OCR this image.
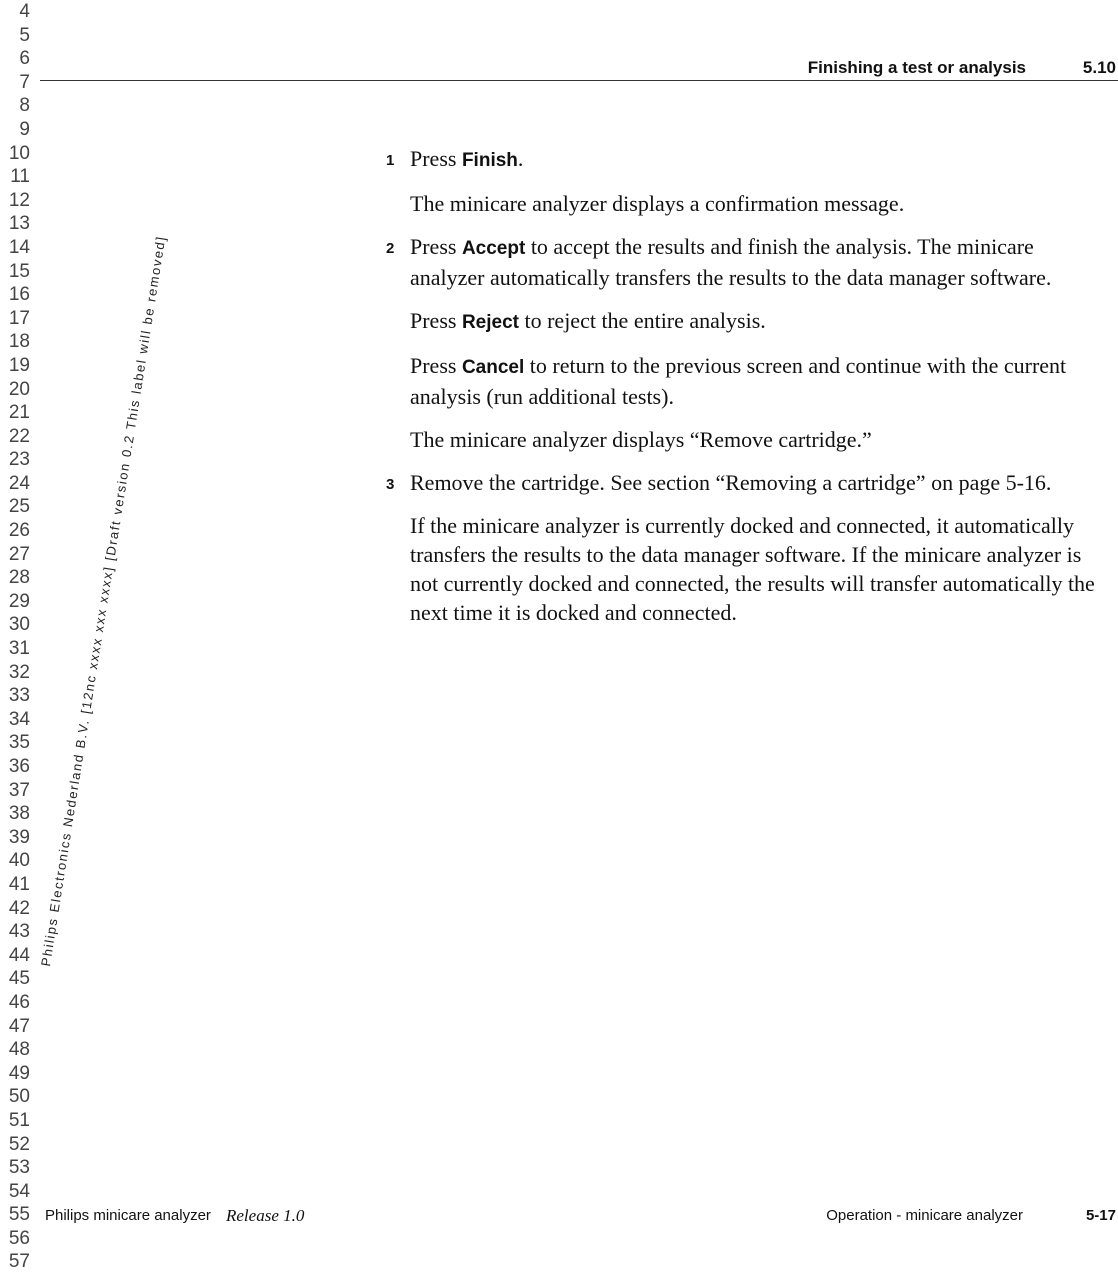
4
5
6
7
8
9
10
11
12
13
14
15
16
17
18
19
20
21
22
23
24
25
26
27
28
29
30
31
32
33
34
35
36
37
38
39
40
41
42
43
44
45
46
47
48
49
50
51
52
53
54
55
56
57
Philips Electronics Nederland B.V. [12nc xxxx xxx xxxx] [Draft version 0.2 This label will be removed]
Finishing a test or analysis	5.10

1 Press Finish.

The minicare analyzer displays a confirmation message.

2 Press Accept to accept the results and finish the analysis. The minicare analyzer automatically transfers the results to the data manager software.

Press Reject to reject the entire analysis.

Press Cancel to return to the previous screen and continue with the current analysis (run additional tests).

The minicare analyzer displays “Remove cartridge.”

3 Remove the cartridge. See section “Removing a cartridge” on page 5-16.

If the minicare analyzer is currently docked and connected, it automatically transfers the results to the data manager software. If the minicare analyzer is not currently docked and connected, the results will transfer automatically the next time it is docked and connected.

Philips minicare analyzer Release 1.0	Operation - minicare analyzer	5-17
